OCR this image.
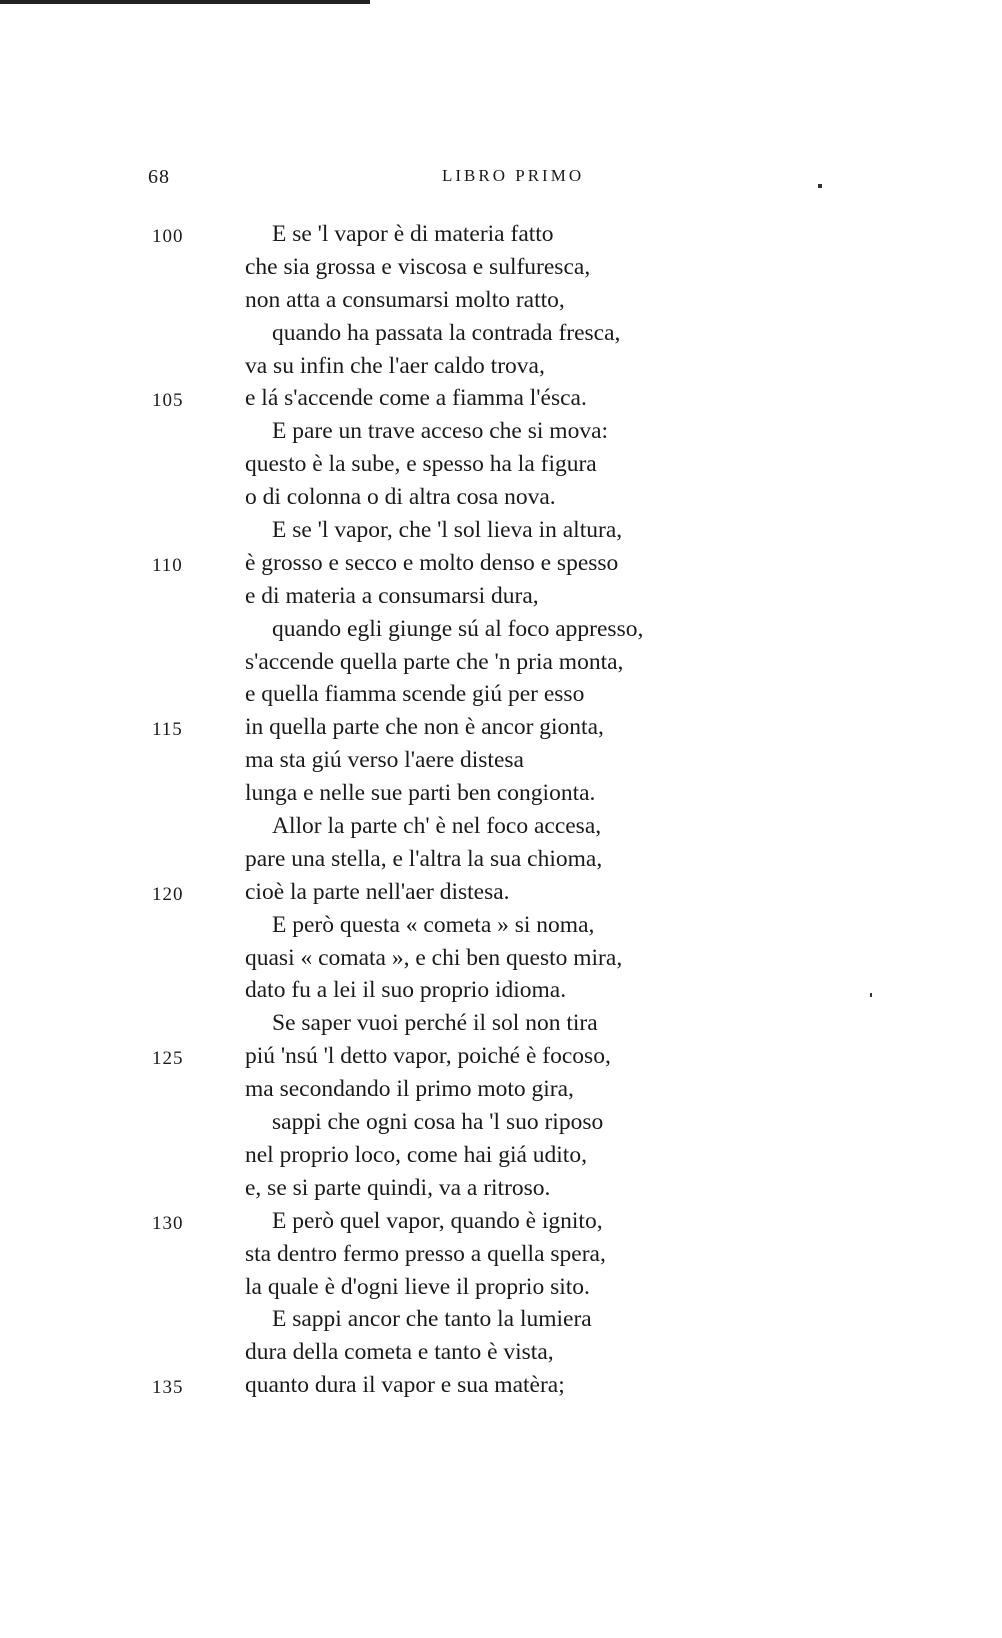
68	LIBRO PRIMO
100	E se 'l vapor è di materia fatto
che sia grossa e viscosa e sulfuresca,
non atta a consumarsi molto ratto,
quando ha passata la contrada fresca,
va su infin che l'aer caldo trova,
105	e lá s'accende come a fiamma l'ésca.
E pare un trave acceso che si mova:
questo è la sube, e spesso ha la figura
o di colonna o di altra cosa nova.
E se 'l vapor, che 'l sol lieva in altura,
110	è grosso e secco e molto denso e spesso
e di materia a consumarsi dura,
quando egli giunge sú al foco appresso,
s'accende quella parte che 'n pria monta,
e quella fiamma scende giú per esso
115	in quella parte che non è ancor gionta,
ma sta giú verso l'aere distesa
lunga e nelle sue parti ben congionta.
Allor la parte ch' è nel foco accesa,
pare una stella, e l'altra la sua chioma,
120	cioè la parte nell'aer distesa.
E però questa « cometa » si noma,
quasi « comata », e chi ben questo mira,
dato fu a lei il suo proprio idioma.
Se saper vuoi perché il sol non tira
125	piú 'nsú 'l detto vapor, poiché è focoso,
ma secondando il primo moto gira,
sappi che ogni cosa ha 'l suo riposo
nel proprio loco, come hai giá udito,
e, se si parte quindi, va a ritroso.
130	E però quel vapor, quando è ignito,
sta dentro fermo presso a quella spera,
la quale è d'ogni lieve il proprio sito.
E sappi ancor che tanto la lumiera
dura della cometa e tanto è vista,
135	quanto dura il vapor e sua matèra;
